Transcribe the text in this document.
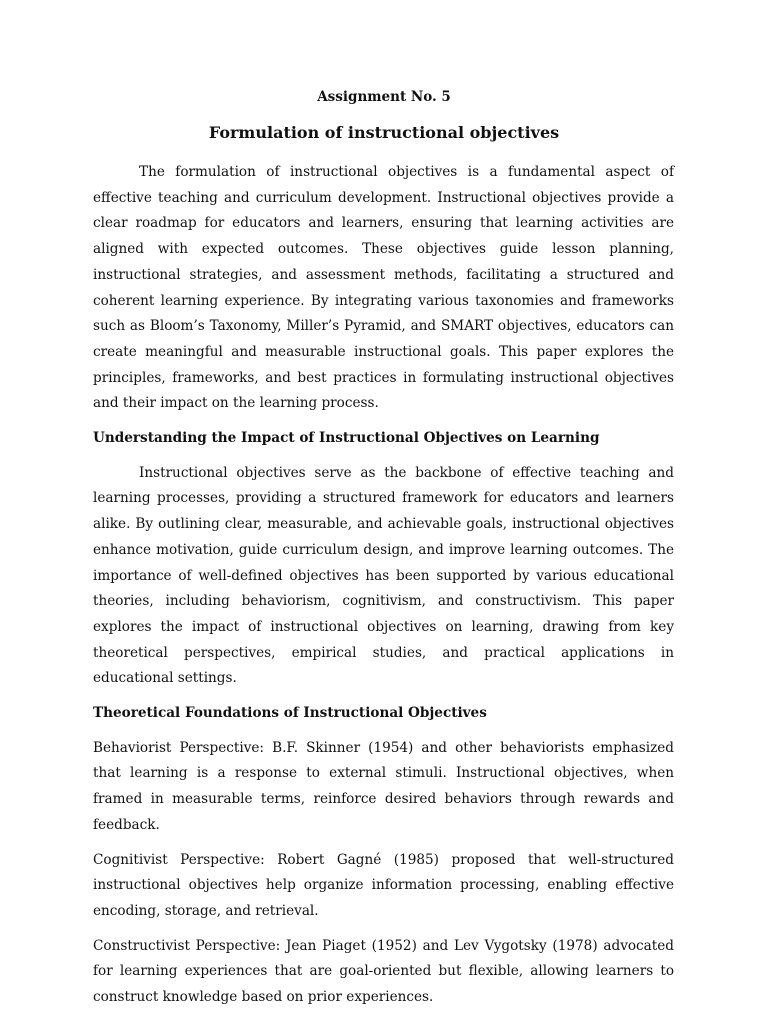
Assignment No. 5
Formulation of instructional objectives

The formulation of instructional objectives is a fundamental aspect of effective teaching and curriculum development. Instructional objectives provide a clear roadmap for educators and learners, ensuring that learning activities are aligned with expected outcomes. These objectives guide lesson planning, instructional strategies, and assessment methods, facilitating a structured and coherent learning experience. By integrating various taxonomies and frameworks such as Bloom’s Taxonomy, Miller’s Pyramid, and SMART objectives, educators can create meaningful and measurable instructional goals. This paper explores the principles, frameworks, and best practices in formulating instructional objectives and their impact on the learning process.

Understanding the Impact of Instructional Objectives on Learning

Instructional objectives serve as the backbone of effective teaching and learning processes, providing a structured framework for educators and learners alike. By outlining clear, measurable, and achievable goals, instructional objectives enhance motivation, guide curriculum design, and improve learning outcomes. The importance of well-defined objectives has been supported by various educational theories, including behaviorism, cognitivism, and constructivism. This paper explores the impact of instructional objectives on learning, drawing from key theoretical perspectives, empirical studies, and practical applications in educational settings.

Theoretical Foundations of Instructional Objectives

Behaviorist Perspective: B.F. Skinner (1954) and other behaviorists emphasized that learning is a response to external stimuli. Instructional objectives, when framed in measurable terms, reinforce desired behaviors through rewards and feedback.

Cognitivist Perspective: Robert Gagné (1985) proposed that well-structured instructional objectives help organize information processing, enabling effective encoding, storage, and retrieval.

Constructivist Perspective: Jean Piaget (1952) and Lev Vygotsky (1978) advocated for learning experiences that are goal-oriented but flexible, allowing learners to construct knowledge based on prior experiences.
